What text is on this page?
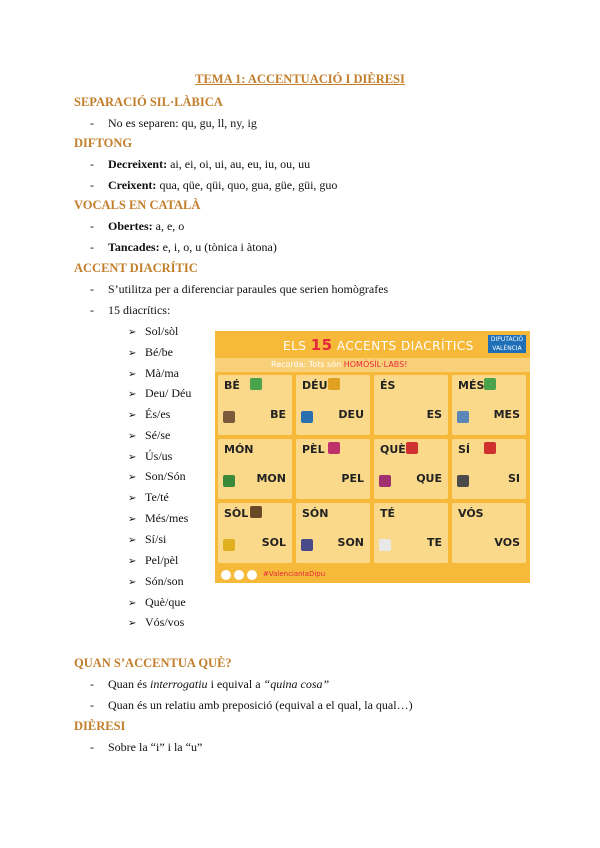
TEMA 1: ACCENTUACIÓ I DIÈRESI
SEPARACIÓ SIL·LÀBICA
- No es separen: qu, gu, ll, ny, ig
DIFTONG
- Decreixent: ai, ei, oi, ui, au, eu, iu, ou, uu
- Creixent: qua, qüe, qüi, quo, gua, güe, güi, guo
VOCALS EN CATALÀ
- Obertes: a, e, o
- Tancades: e, i, o, u (tònica i àtona)
ACCENT DIACRÍTIC
- S’utilitza per a diferenciar paraules que serien homògrafes
- 15 diacrítics:
➢ Sol/sòl
➢ Bé/be
➢ Mà/ma
➢ Deu/ Déu
➢ És/es
➢ Sé/se
➢ Ús/us
➢ Son/Són
➢ Te/té
➢ Més/mes
➢ Sí/si
➢ Pel/pèl
➢ Són/son
➢ Què/que
➢ Vós/vos
ELS 15 ACCENTS DIACRÍTICS	DIPUTACIÓ VALÈNCIA
Recorda: Tots són HOMÒSÍL·LABS!
BÉ
BE
DÉU
DEU
ÉS
ES
MÉS
MES
MÓN
MON
PÈL
PEL
QUÈ
QUE
SÍ
SI
SÒL
SOL
SÓN
SON
TÉ
TE
VÓS
VOS
#ValencianIaDipu
QUAN S’ACCENTUA QUÈ?
- Quan és interrogatiu i equival a “quina cosa”
- Quan és un relatiu amb preposició (equival a el qual, la qual…)
DIÈRESI
- Sobre la “i” i la “u”
